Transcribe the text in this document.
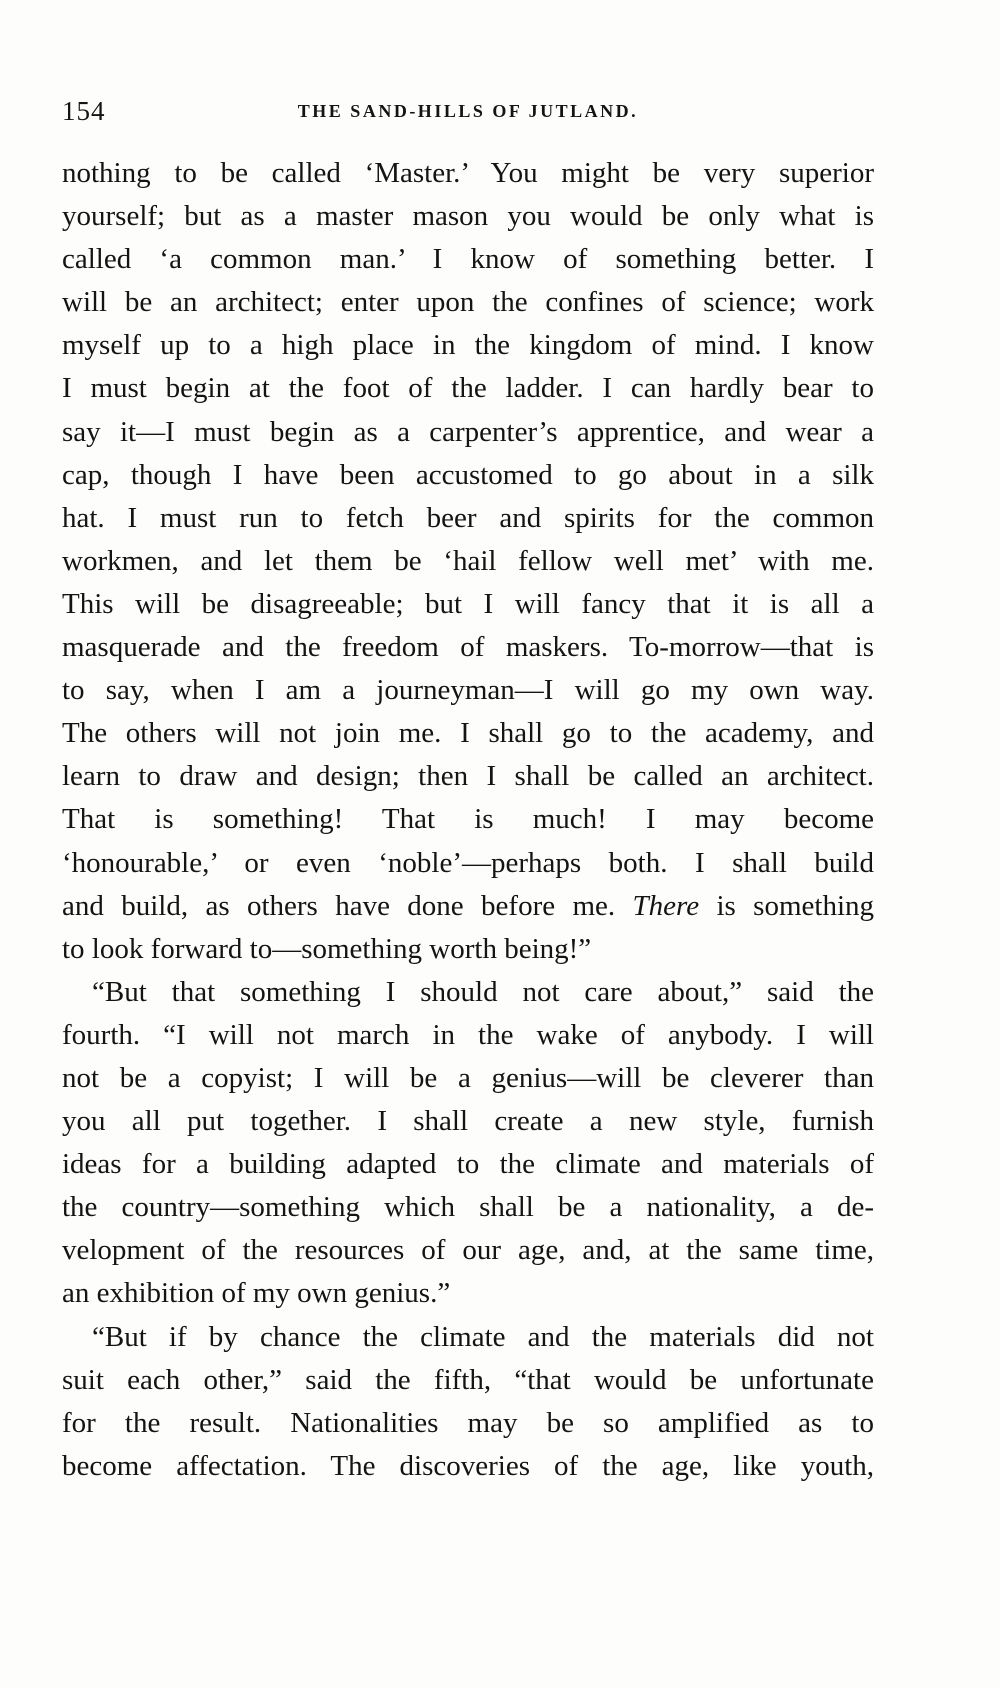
154	THE SAND-HILLS OF JUTLAND.
nothing to be called ‘Master.’ You might be very superior
yourself; but as a master mason you would be only what is
called ‘a common man.’ I know of something better. I
will be an architect; enter upon the confines of science; work
myself up to a high place in the kingdom of mind. I know
I must begin at the foot of the ladder. I can hardly bear to
say it—I must begin as a carpenter’s apprentice, and wear a
cap, though I have been accustomed to go about in a silk
hat. I must run to fetch beer and spirits for the common
workmen, and let them be ‘hail fellow well met’ with me.
This will be disagreeable; but I will fancy that it is all a
masquerade and the freedom of maskers. To-morrow—that is
to say, when I am a journeyman—I will go my own way.
The others will not join me. I shall go to the academy, and
learn to draw and design; then I shall be called an architect.
That is something! That is much! I may become
‘honourable,’ or even ‘noble’—perhaps both. I shall build
and build, as others have done before me. There is something
to look forward to—something worth being!”
“But that something I should not care about,” said the
fourth. “I will not march in the wake of anybody. I will
not be a copyist; I will be a genius—will be cleverer than
you all put together. I shall create a new style, furnish
ideas for a building adapted to the climate and materials of
the country—something which shall be a nationality, a de-
velopment of the resources of our age, and, at the same time,
an exhibition of my own genius.”
“But if by chance the climate and the materials did not
suit each other,” said the fifth, “that would be unfortunate
for the result. Nationalities may be so amplified as to
become affectation. The discoveries of the age, like youth,
